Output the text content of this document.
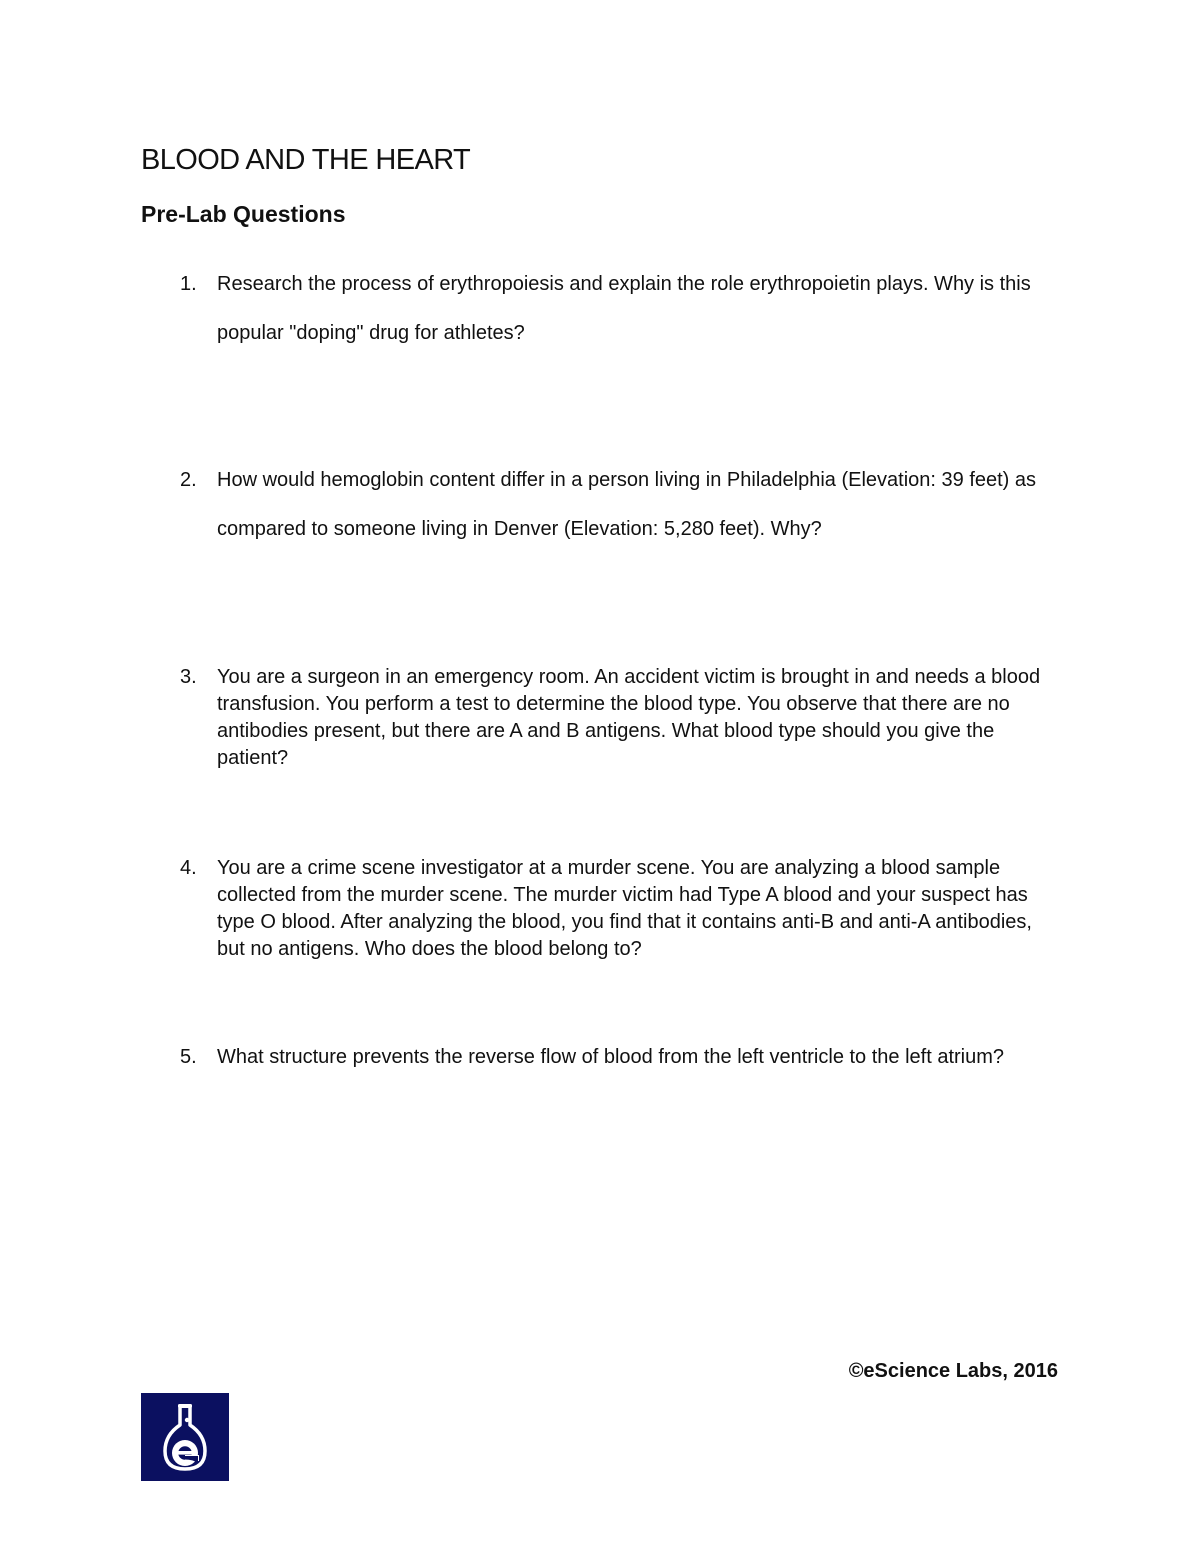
BLOOD AND THE HEART
Pre-Lab Questions
1.	Research the process of erythropoiesis and explain the role erythropoietin plays. Why is this popular "doping" drug for athletes?
2.	How would hemoglobin content differ in a person living in Philadelphia (Elevation: 39 feet) as compared to someone living in Denver (Elevation: 5,280 feet). Why?
3.	You are a surgeon in an emergency room. An accident victim is brought in and needs a blood transfusion. You perform a test to determine the blood type. You observe that there are no antibodies present, but there are A and B antigens. What blood type should you give the patient?
4.	You are a crime scene investigator at a murder scene. You are analyzing a blood sample collected from the murder scene. The murder victim had Type A blood and your suspect has type O blood. After analyzing the blood, you find that it contains anti-B and anti-A antibodies, but no antigens. Who does the blood belong to?
5.	What structure prevents the reverse flow of blood from the left ventricle to the left atrium?
©eScience Labs, 2016
